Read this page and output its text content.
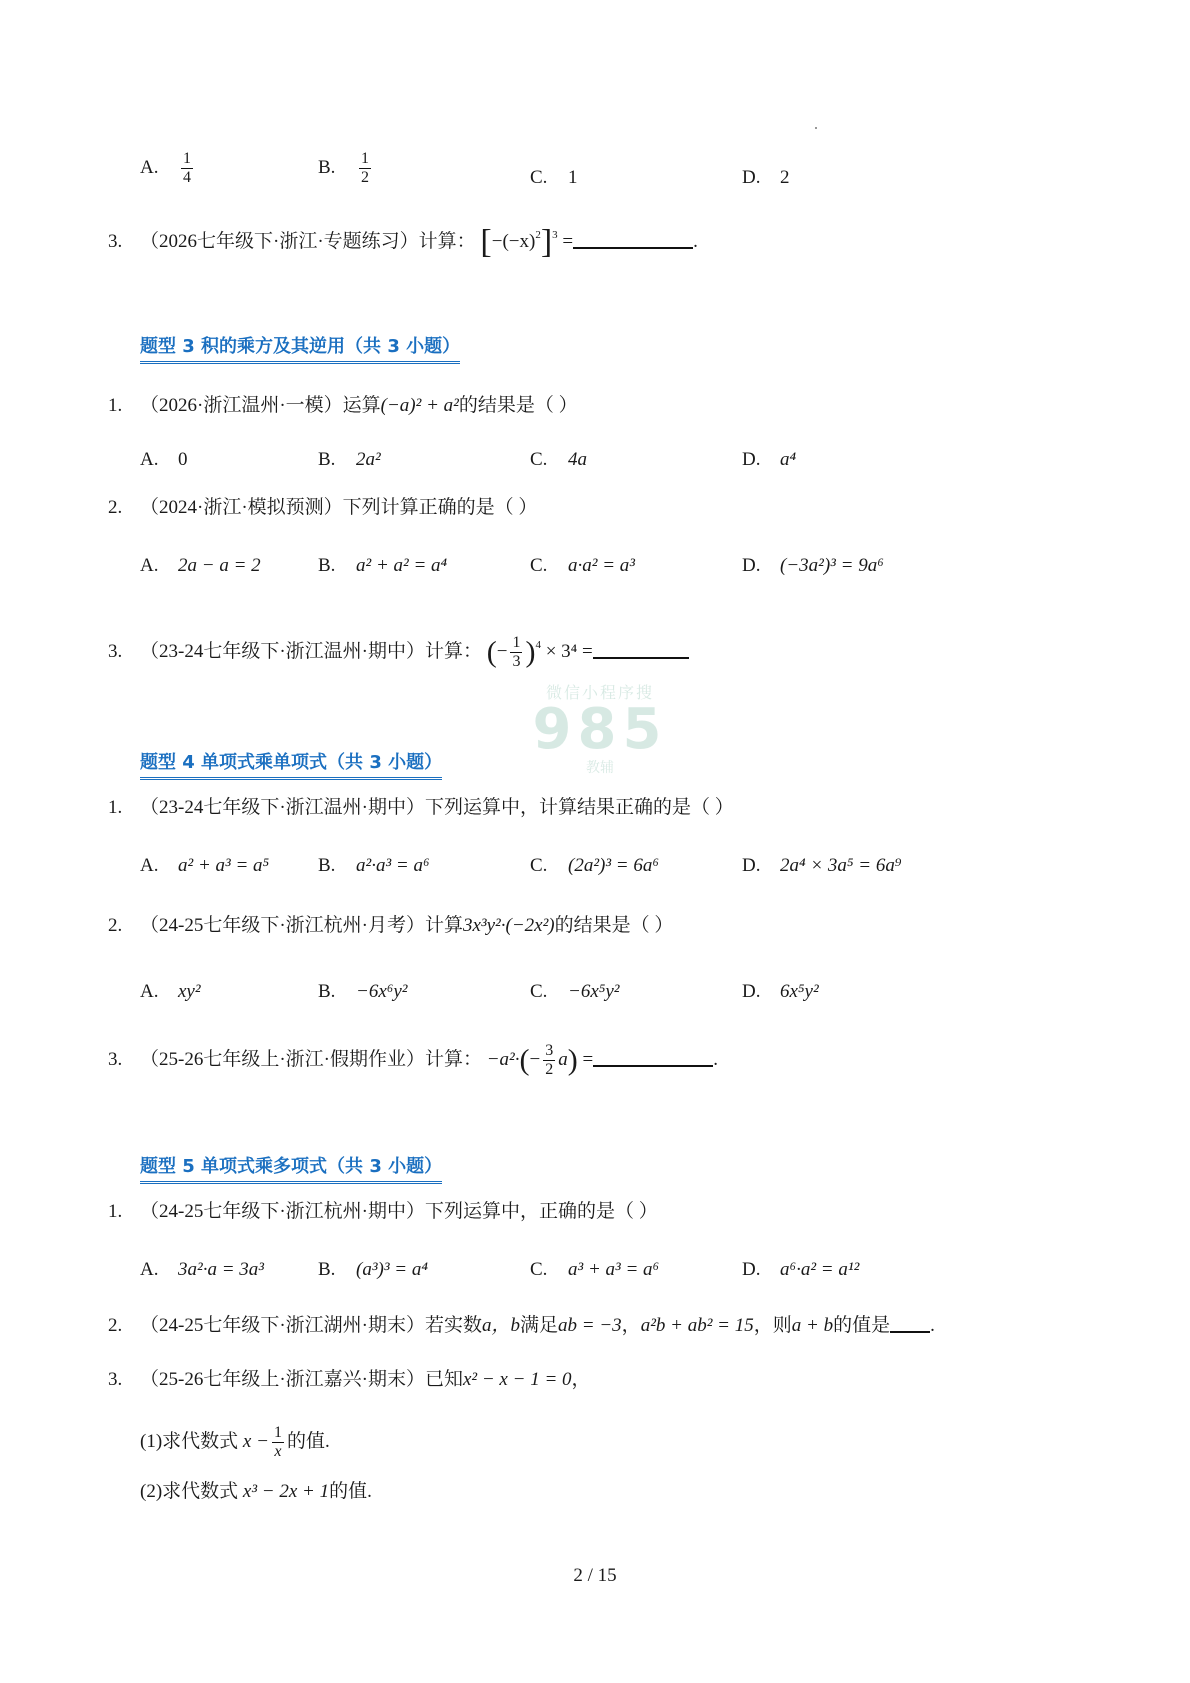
A. $\frac{1}{4}$	B. $\frac{1}{2}$	C. 1	D. 2
3. （2026七年级下·浙江·专题练习）计算： $[-(-x)^2]^3$ =	.
题型 3 积的乘方及其逆用（共 3 小题）
1. （2026·浙江温州·一模）运算(−a)² + a²的结果是（ ）
A. 0	B. 2a²	C. 4a	D. a⁴
2. （2024·浙江·模拟预测）下列计算正确的是（ ）
A. 2a − a = 2	B. a² + a² = a⁴	C. a·a² = a³	D. (−3a²)³ = 9a⁶
3. （23-24七年级下·浙江温州·期中）计算： (− $\frac{1}{3} )^4 \times 3^4$ =
微信小程序搜
985
教辅
题型 4 单项式乘单项式（共 3 小题）
1. （23-24七年级下·浙江温州·期中）下列运算中，计算结果正确的是（ ）
A. a² + a³ = a⁵	B. a²·a³ = a⁶	C. (2a²)³ = 6a⁶	D. 2a⁴ × 3a⁵ = 6a⁹
2. （24-25七年级下·浙江杭州·月考）计算3x³y²·(−2x²)的结果是（ ）
A. xy²	B. −6x⁶y²	C. −6x⁵y²	D. 6x⁵y²
3. （25-26七年级上·浙江·假期作业）计算： $-a^2\cdot(- \frac{3}{2} a)$ =	.
题型 5 单项式乘多项式（共 3 小题）
1. （24-25七年级下·浙江杭州·期中）下列运算中，正确的是（ ）
A. 3a²·a = 3a³	B. (a³)³ = a⁴	C. a³ + a³ = a⁶	D. a⁶·a² = a¹²
2. （24-25七年级下·浙江湖州·期末）若实数a，b满足ab = −3，a²b + ab² = 15，则a + b的值是 .
3. （25-26七年级上·浙江嘉兴·期末）已知x² − x − 1 = 0，
(1)求代数式 $x - \frac{1}{x}$ 的值.
(2)求代数式 x³ − 2x + 1的值.
2 / 15
